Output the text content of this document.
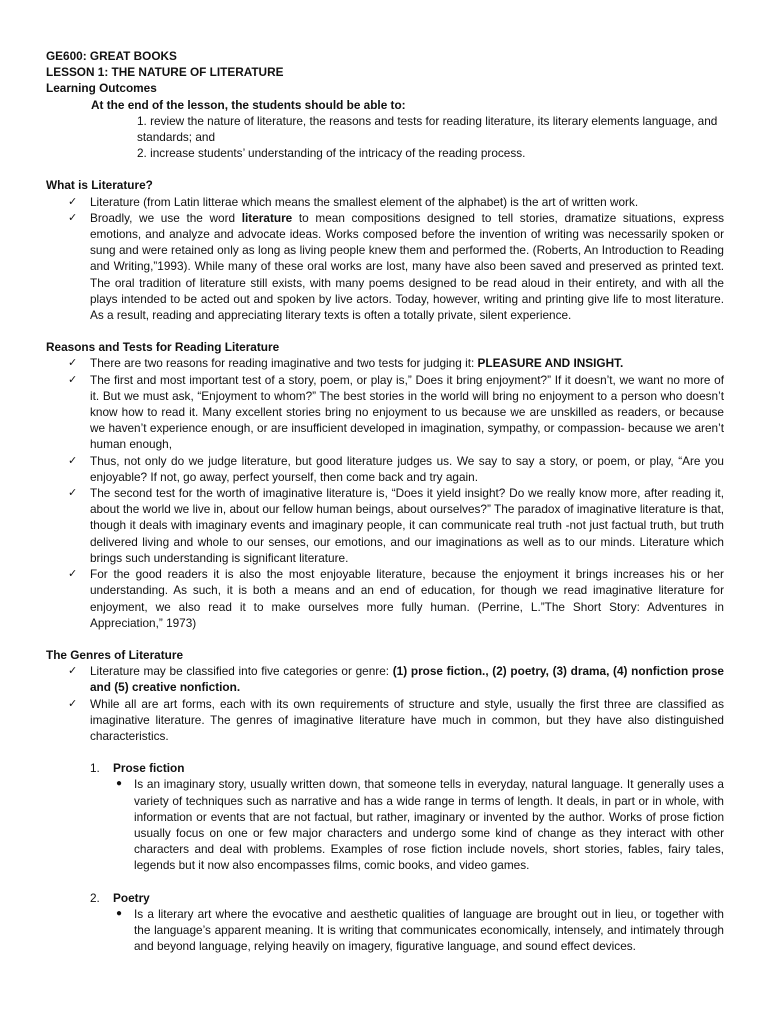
GE600: GREAT BOOKS
LESSON 1: THE NATURE OF LITERATURE
Learning Outcomes
At the end of the lesson, the students should be able to:
1. review the nature of literature, the reasons and tests for reading literature, its literary elements language, and standards; and
2. increase students’ understanding of the intricacy of the reading process.
What is Literature?
✓ Literature (from Latin litterae which means the smallest element of the alphabet) is the art of written work.
✓ Broadly, we use the word literature to mean compositions designed to tell stories, dramatize situations, express emotions, and analyze and advocate ideas. Works composed before the invention of writing was necessarily spoken or sung and were retained only as long as living people knew them and performed the. (Roberts, An Introduction to Reading and Writing,”1993). While many of these oral works are lost, many have also been saved and preserved as printed text. The oral tradition of literature still exists, with many poems designed to be read aloud in their entirety, and with all the plays intended to be acted out and spoken by live actors. Today, however, writing and printing give life to most literature. As a result, reading and appreciating literary texts is often a totally private, silent experience.
Reasons and Tests for Reading Literature
✓ There are two reasons for reading imaginative and two tests for judging it: PLEASURE AND INSIGHT.
✓ The first and most important test of a story, poem, or play is,” Does it bring enjoyment?” If it doesn’t, we want no more of it. But we must ask, “Enjoyment to whom?” The best stories in the world will bring no enjoyment to a person who doesn’t know how to read it. Many excellent stories bring no enjoyment to us because we are unskilled as readers, or because we haven’t experience enough, or are insufficient developed in imagination, sympathy, or compassion- because we aren’t human enough,
✓ Thus, not only do we judge literature, but good literature judges us. We say to say a story, or poem, or play, “Are you enjoyable? If not, go away, perfect yourself, then come back and try again.
✓ The second test for the worth of imaginative literature is, “Does it yield insight? Do we really know more, after reading it, about the world we live in, about our fellow human beings, about ourselves?” The paradox of imaginative literature is that, though it deals with imaginary events and imaginary people, it can communicate real truth -not just factual truth, but truth delivered living and whole to our senses, our emotions, and our imaginations as well as to our minds. Literature which brings such understanding is significant literature.
✓ For the good readers it is also the most enjoyable literature, because the enjoyment it brings increases his or her understanding. As such, it is both a means and an end of education, for though we read imaginative literature for enjoyment, we also read it to make ourselves more fully human. (Perrine, L.”The Short Story: Adventures in Appreciation,” 1973)
The Genres of Literature
✓ Literature may be classified into five categories or genre: (1) prose fiction., (2) poetry, (3) drama, (4) nonfiction prose and (5) creative nonfiction.
✓ While all are art forms, each with its own requirements of structure and style, usually the first three are classified as imaginative literature. The genres of imaginative literature have much in common, but they have also distinguished characteristics.
1. Prose fiction
● Is an imaginary story, usually written down, that someone tells in everyday, natural language. It generally uses a variety of techniques such as narrative and has a wide range in terms of length. It deals, in part or in whole, with information or events that are not factual, but rather, imaginary or invented by the author. Works of prose fiction usually focus on one or few major characters and undergo some kind of change as they interact with other characters and deal with problems. Examples of rose fiction include novels, short stories, fables, fairy tales, legends but it now also encompasses films, comic books, and video games.
2. Poetry
● Is a literary art where the evocative and aesthetic qualities of language are brought out in lieu, or together with the language’s apparent meaning. It is writing that communicates economically, intensely, and intimately through and beyond language, relying heavily on imagery, figurative language, and sound effect devices.
